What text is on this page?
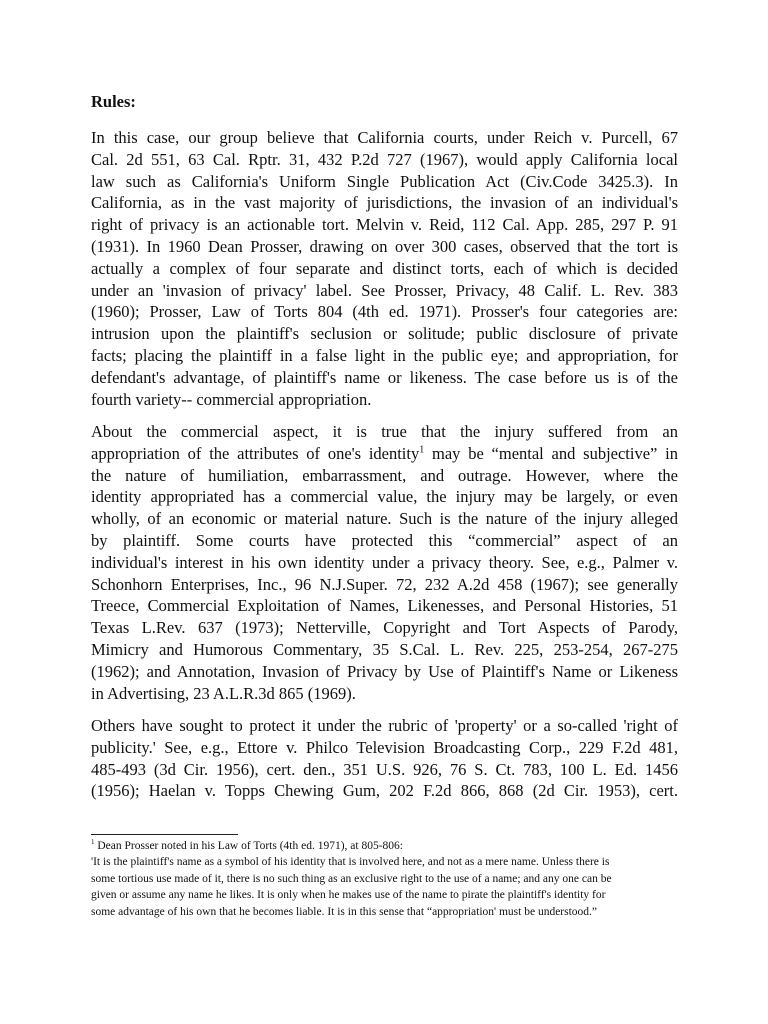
Rules:
In this case, our group believe that California courts, under Reich v. Purcell, 67
Cal. 2d 551, 63 Cal. Rptr. 31, 432 P.2d 727 (1967), would apply California local
law such as California's Uniform Single Publication Act (Civ.Code 3425.3). In
California, as in the vast majority of jurisdictions, the invasion of an individual's
right of privacy is an actionable tort. Melvin v. Reid, 112 Cal. App. 285, 297 P. 91
(1931). In 1960 Dean Prosser, drawing on over 300 cases, observed that the tort is
actually a complex of four separate and distinct torts, each of which is decided
under an 'invasion of privacy' label. See Prosser, Privacy, 48 Calif. L. Rev. 383
(1960); Prosser, Law of Torts 804 (4th ed. 1971). Prosser's four categories are:
intrusion upon the plaintiff's seclusion or solitude; public disclosure of private
facts; placing the plaintiff in a false light in the public eye; and appropriation, for
defendant's advantage, of plaintiff's name or likeness. The case before us is of the
fourth variety-- commercial appropriation.
About the commercial aspect, it is true that the injury suffered from an
appropriation of the attributes of one's identity$^1$ may be “mental and subjective” in
the nature of humiliation, embarrassment, and outrage. However, where the
identity appropriated has a commercial value, the injury may be largely, or even
wholly, of an economic or material nature. Such is the nature of the injury alleged
by plaintiff. Some courts have protected this “commercial” aspect of an
individual's interest in his own identity under a privacy theory. See, e.g., Palmer v.
Schonhorn Enterprises, Inc., 96 N.J.Super. 72, 232 A.2d 458 (1967); see generally
Treece, Commercial Exploitation of Names, Likenesses, and Personal Histories, 51
Texas L.Rev. 637 (1973); Netterville, Copyright and Tort Aspects of Parody,
Mimicry and Humorous Commentary, 35 S.Cal. L. Rev. 225, 253-254, 267-275
(1962); and Annotation, Invasion of Privacy by Use of Plaintiff's Name or Likeness
in Advertising, 23 A.L.R.3d 865 (1969).
Others have sought to protect it under the rubric of 'property' or a so-called 'right of
publicity.' See, e.g., Ettore v. Philco Television Broadcasting Corp., 229 F.2d 481,
485-493 (3d Cir. 1956), cert. den., 351 U.S. 926, 76 S. Ct. 783, 100 L. Ed. 1456
(1956); Haelan v. Topps Chewing Gum, 202 F.2d 866, 868 (2d Cir. 1953), cert.
$^1$ Dean Prosser noted in his Law of Torts (4th ed. 1971), at 805-806:
'It is the plaintiff's name as a symbol of his identity that is involved here, and not as a mere name. Unless there is
some tortious use made of it, there is no such thing as an exclusive right to the use of a name; and any one can be
given or assume any name he likes. It is only when he makes use of the name to pirate the plaintiff's identity for
some advantage of his own that he becomes liable. It is in this sense that “appropriation' must be understood.”
